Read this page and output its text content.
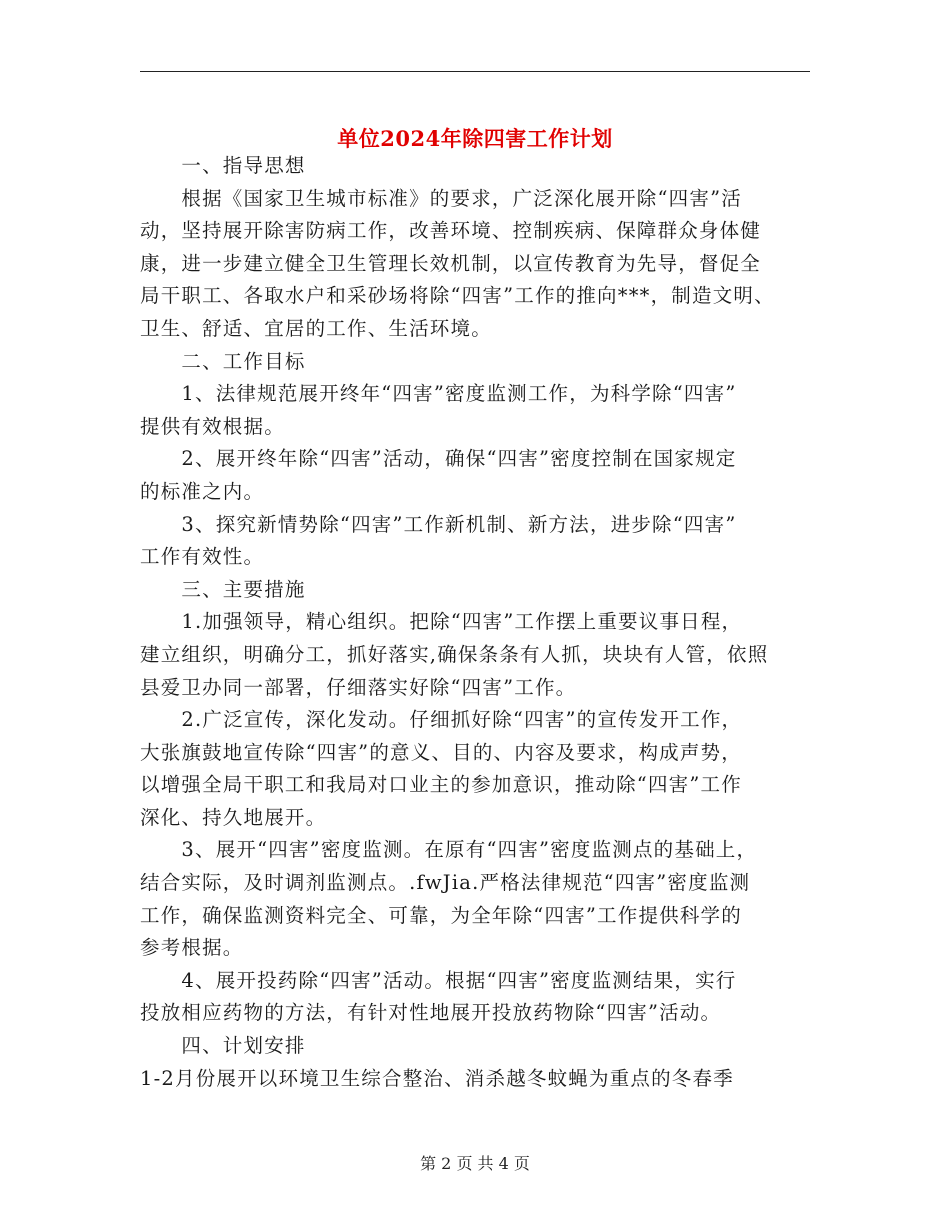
单位2024年除四害工作计划

　　一、指导思想

　　根据《国家卫生城市标准》的要求，广泛深化展开除“四害”活

动，坚持展开除害防病工作，改善环境、控制疾病、保障群众身体健

康，进一步建立健全卫生管理长效机制，以宣传教育为先导，督促全

局干职工、各取水户和采砂场将除“四害”工作的推向***，制造文明、

卫生、舒适、宜居的工作、生活环境。

　　二、工作目标

　　1、法律规范展开终年“四害”密度监测工作，为科学除“四害”

提供有效根据。

　　2、展开终年除“四害”活动，确保“四害”密度控制在国家规定

的标准之内。

　　3、探究新情势除“四害”工作新机制、新方法，进步除“四害”

工作有效性。

　　三、主要措施

　　1.加强领导，精心组织。把除“四害”工作摆上重要议事日程，

建立组织，明确分工，抓好落实,确保条条有人抓，块块有人管，依照

县爱卫办同一部署，仔细落实好除“四害”工作。

　　2.广泛宣传，深化发动。仔细抓好除“四害”的宣传发开工作，

大张旗鼓地宣传除“四害”的意义、目的、内容及要求，构成声势，

以增强全局干职工和我局对口业主的参加意识，推动除“四害”工作

深化、持久地展开。

　　3、展开“四害”密度监测。在原有“四害”密度监测点的基础上，

结合实际，及时调剂监测点。.fwJia.严格法律规范“四害”密度监测

工作，确保监测资料完全、可靠，为全年除“四害”工作提供科学的

参考根据。

　　4、展开投药除“四害”活动。根据“四害”密度监测结果，实行

投放相应药物的方法，有针对性地展开投放药物除“四害”活动。

　　四、计划安排

1-2月份展开以环境卫生综合整治、消杀越冬蚊蝇为重点的冬春季

第 2 页 共 4 页
